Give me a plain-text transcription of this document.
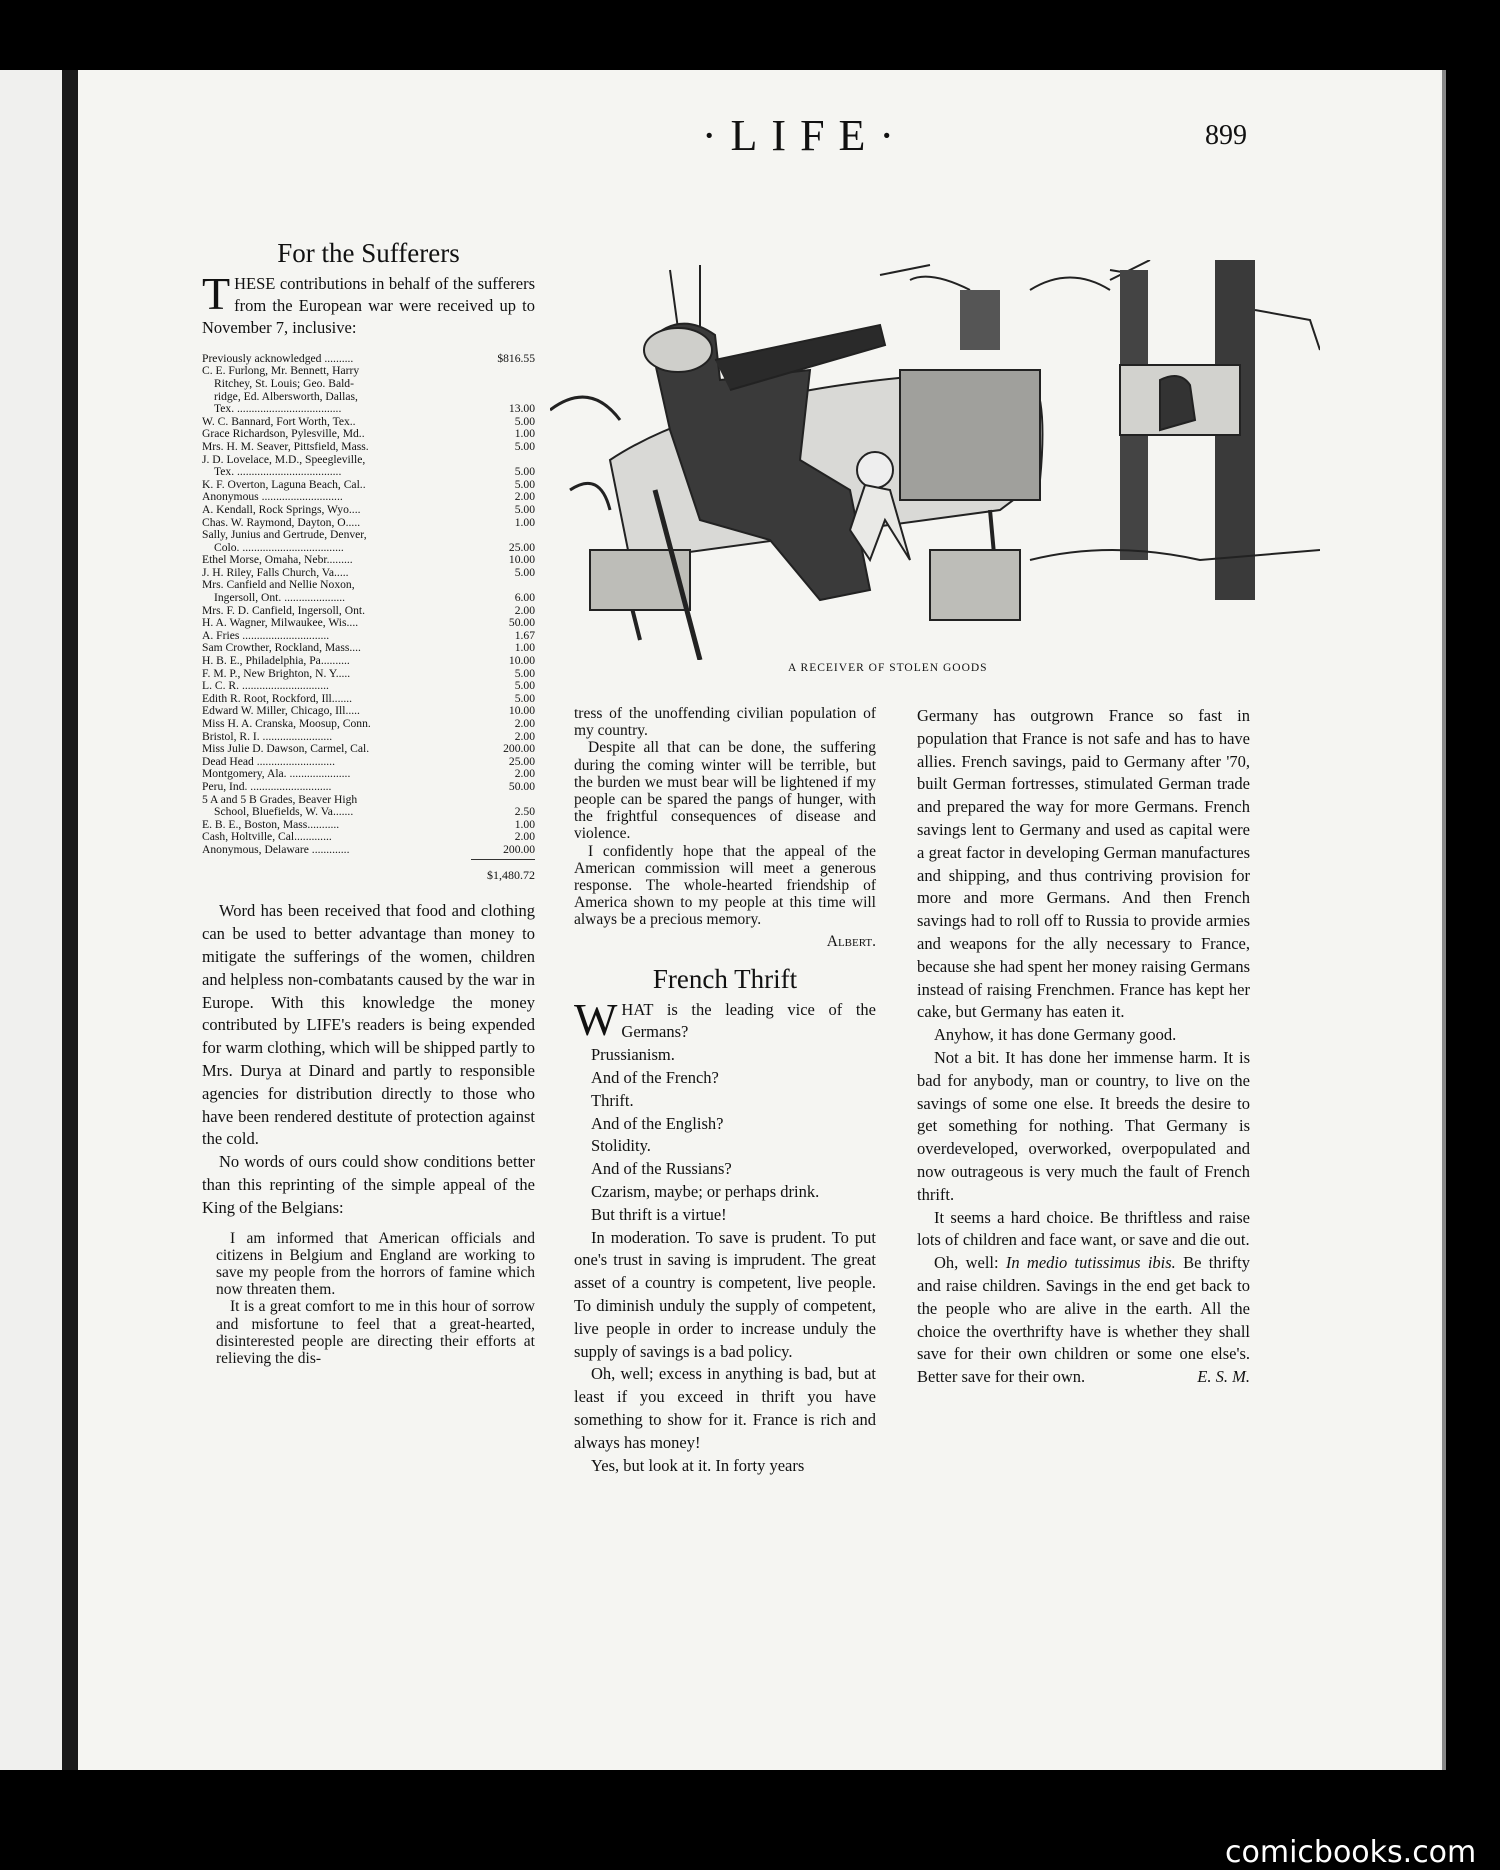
·LIFE·	899
A RECEIVER OF STOLEN GOODS
For the Sufferers

THESE contributions in behalf of the sufferers from the European war were received up to November 7, inclusive:

Previously acknowledged ..........	$816.55
C. E. Furlong, Mr. Bennett, Harry
Ritchey, St. Louis; Geo. Bald-
ridge, Ed. Albersworth, Dallas,
Tex. ....................................	13.00
W. C. Bannard, Fort Worth, Tex..	5.00
Grace Richardson, Pylesville, Md..	1.00
Mrs. H. M. Seaver, Pittsfield, Mass.	5.00
J. D. Lovelace, M.D., Speegleville,
Tex. ....................................	5.00
K. F. Overton, Laguna Beach, Cal..	5.00
Anonymous ............................	2.00
A. Kendall, Rock Springs, Wyo....	5.00
Chas. W. Raymond, Dayton, O.....	1.00
Sally, Junius and Gertrude, Denver,
Colo. ...................................	25.00
Ethel Morse, Omaha, Nebr.........	10.00
J. H. Riley, Falls Church, Va.....	5.00
Mrs. Canfield and Nellie Noxon,
Ingersoll, Ont. .....................	6.00
Mrs. F. D. Canfield, Ingersoll, Ont.	2.00
H. A. Wagner, Milwaukee, Wis....	50.00
A. Fries ..............................	1.67
Sam Crowther, Rockland, Mass....	1.00
H. B. E., Philadelphia, Pa..........	10.00
F. M. P., New Brighton, N. Y.....	5.00
L. C. R. ..............................	5.00
Edith R. Root, Rockford, Ill.......	5.00
Edward W. Miller, Chicago, Ill.....	10.00
Miss H. A. Cranska, Moosup, Conn.	2.00
Bristol, R. I. ........................	2.00
Miss Julie D. Dawson, Carmel, Cal.	200.00
Dead Head ...........................	25.00
Montgomery, Ala. .....................	2.00
Peru, Ind. ............................	50.00
5 A and 5 B Grades, Beaver High
School, Bluefields, W. Va.......	2.50
E. B. E., Boston, Mass...........	1.00
Cash, Holtville, Cal.............	2.00
Anonymous, Delaware .............	200.00
$1,480.72

Word has been received that food and clothing can be used to better advantage than money to mitigate the sufferings of the women, children and helpless non-combatants caused by the war in Europe. With this knowledge the money contributed by LIFE's readers is being expended for warm clothing, which will be shipped partly to Mrs. Durya at Dinard and partly to responsible agencies for distribution directly to those who have been rendered destitute of protection against the cold.

No words of ours could show conditions better than this reprinting of the simple appeal of the King of the Belgians:

I am informed that American officials and citizens in Belgium and England are working to save my people from the horrors of famine which now threaten them.

It is a great comfort to me in this hour of sorrow and misfortune to feel that a great-hearted, disinterested people are directing their efforts at relieving the dis-

tress of the unoffending civilian population of my country.

Despite all that can be done, the suffering during the coming winter will be terrible, but the burden we must bear will be lightened if my people can be spared the pangs of hunger, with the frightful consequences of disease and violence.

I confidently hope that the appeal of the American commission will meet a generous response. The whole-hearted friendship of America shown to my people at this time will always be a precious memory.

Albert.
French Thrift

WHAT is the leading vice of the Germans?

Prussianism.

And of the French?

Thrift.

And of the English?

Stolidity.

And of the Russians?

Czarism, maybe; or perhaps drink.

But thrift is a virtue!

In moderation. To save is prudent. To put one's trust in saving is imprudent. The great asset of a country is competent, live people. To diminish unduly the supply of competent, live people in order to increase unduly the supply of savings is a bad policy.

Oh, well; excess in anything is bad, but at least if you exceed in thrift you have something to show for it. France is rich and always has money!

Yes, but look at it. In forty years

Germany has outgrown France so fast in population that France is not safe and has to have allies. French savings, paid to Germany after '70, built German fortresses, stimulated German trade and prepared the way for more Germans. French savings lent to Germany and used as capital were a great factor in developing German manufactures and shipping, and thus contriving provision for more and more Germans. And then French savings had to roll off to Russia to provide armies and weapons for the ally necessary to France, because she had spent her money raising Germans instead of raising Frenchmen. France has kept her cake, but Germany has eaten it.

Anyhow, it has done Germany good.

Not a bit. It has done her immense harm. It is bad for anybody, man or country, to live on the savings of some one else. It breeds the desire to get something for nothing. That Germany is overdeveloped, overworked, overpopulated and now outrageous is very much the fault of French thrift.

It seems a hard choice. Be thriftless and raise lots of children and face want, or save and die out.

Oh, well: In medio tutissimus ibis. Be thrifty and raise children. Savings in the end get back to the people who are alive in the earth. All the choice the overthrifty have is whether they shall save for their own children or some one else's. Better save for their own.	E. S. M.

comicbooks.com
